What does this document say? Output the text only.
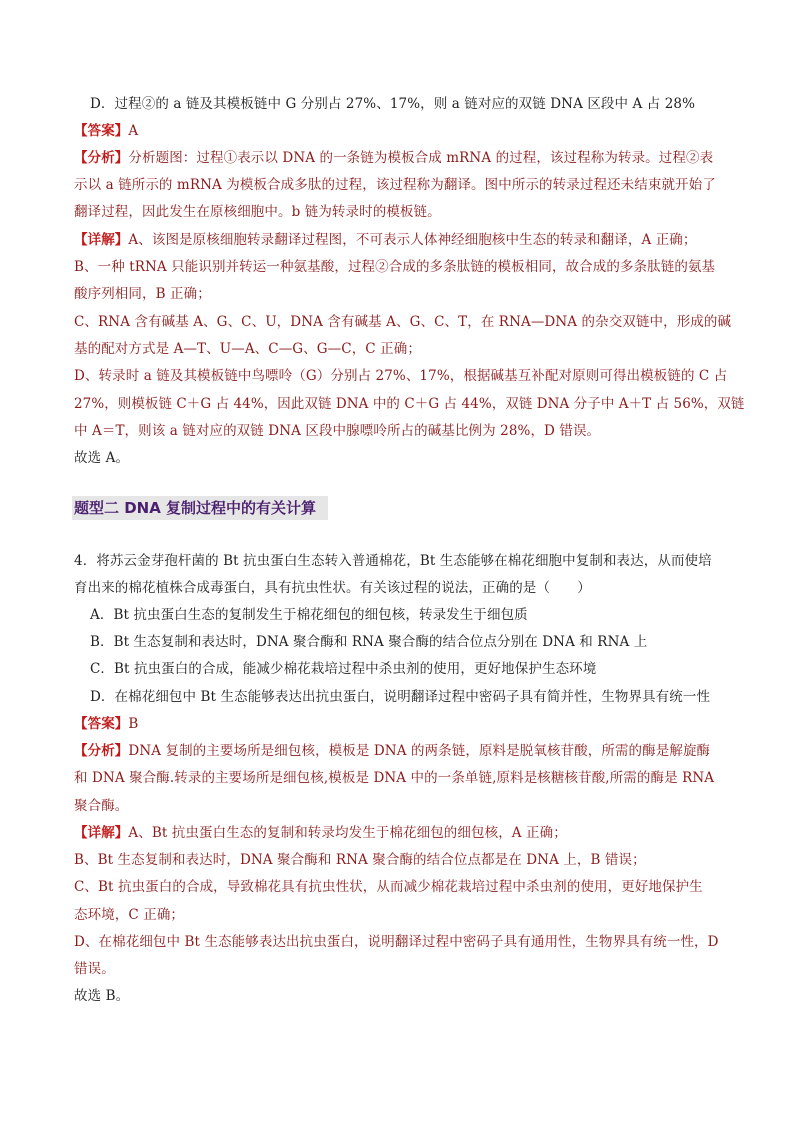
D．过程②的 a 链及其模板链中 G 分别占 27%、17%，则 a 链对应的双链 DNA 区段中 A 占 28%
【答案】A
【分析】分析题图：过程①表示以 DNA 的一条链为模板合成 mRNA 的过程，该过程称为转录。过程②表
示以 a 链所示的 mRNA 为模板合成多肽的过程，该过程称为翻译。图中所示的转录过程还未结束就开始了
翻译过程，因此发生在原核细胞中。b 链为转录时的模板链。
【详解】A、该图是原核细胞转录翻译过程图，不可表示人体神经细胞核中生态的转录和翻译，A 正确；
B、一种 tRNA 只能识别并转运一种氨基酸，过程②合成的多条肽链的模板相同，故合成的多条肽链的氨基
酸序列相同，B 正确；
C、RNA 含有碱基 A、G、C、U，DNA 含有碱基 A、G、C、T，在 RNA—DNA 的杂交双链中，形成的碱
基的配对方式是 A—T、U—A、C—G、G—C，C 正确；
D、转录时 a 链及其模板链中鸟嘌呤（G）分别占 27%、17%，根据碱基互补配对原则可得出模板链的 C 占
27%，则模板链 C＋G 占 44%，因此双链 DNA 中的 C＋G 占 44%，双链 DNA 分子中 A＋T 占 56%，双链
中 A＝T，则该 a 链对应的双链 DNA 区段中腺嘌呤所占的碱基比例为 28%，D 错误。
故选 A。
题型二 DNA 复制过程中的有关计算
4．将苏云金芽孢杆菌的 Bt 抗虫蛋白生态转入普通棉花，Bt 生态能够在棉花细胞中复制和表达，从而使培
育出来的棉花植株合成毒蛋白，具有抗虫性状。有关该过程的说法，正确的是（　　）
A．Bt 抗虫蛋白生态的复制发生于棉花细包的细包核，转录发生于细包质
B．Bt 生态复制和表达时，DNA 聚合酶和 RNA 聚合酶的结合位点分别在 DNA 和 RNA 上
C．Bt 抗虫蛋白的合成，能减少棉花栽培过程中杀虫剂的使用，更好地保护生态环境
D．在棉花细包中 Bt 生态能够表达出抗虫蛋白，说明翻译过程中密码子具有简并性，生物界具有统一性
【答案】B
【分析】DNA 复制的主要场所是细包核，模板是 DNA 的两条链，原料是脱氧核苷酸，所需的酶是解旋酶
和 DNA 聚合酶.转录的主要场所是细包核,模板是 DNA 中的一条单链,原料是核糖核苷酸,所需的酶是 RNA
聚合酶。
【详解】A、Bt 抗虫蛋白生态的复制和转录均发生于棉花细包的细包核，A 正确；
B、Bt 生态复制和表达时，DNA 聚合酶和 RNA 聚合酶的结合位点都是在 DNA 上，B 错误；
C、Bt 抗虫蛋白的合成，导致棉花具有抗虫性状，从而减少棉花栽培过程中杀虫剂的使用，更好地保护生
态环境，C 正确；
D、在棉花细包中 Bt 生态能够表达出抗虫蛋白，说明翻译过程中密码子具有通用性，生物界具有统一性，D
错误。
故选 B。
